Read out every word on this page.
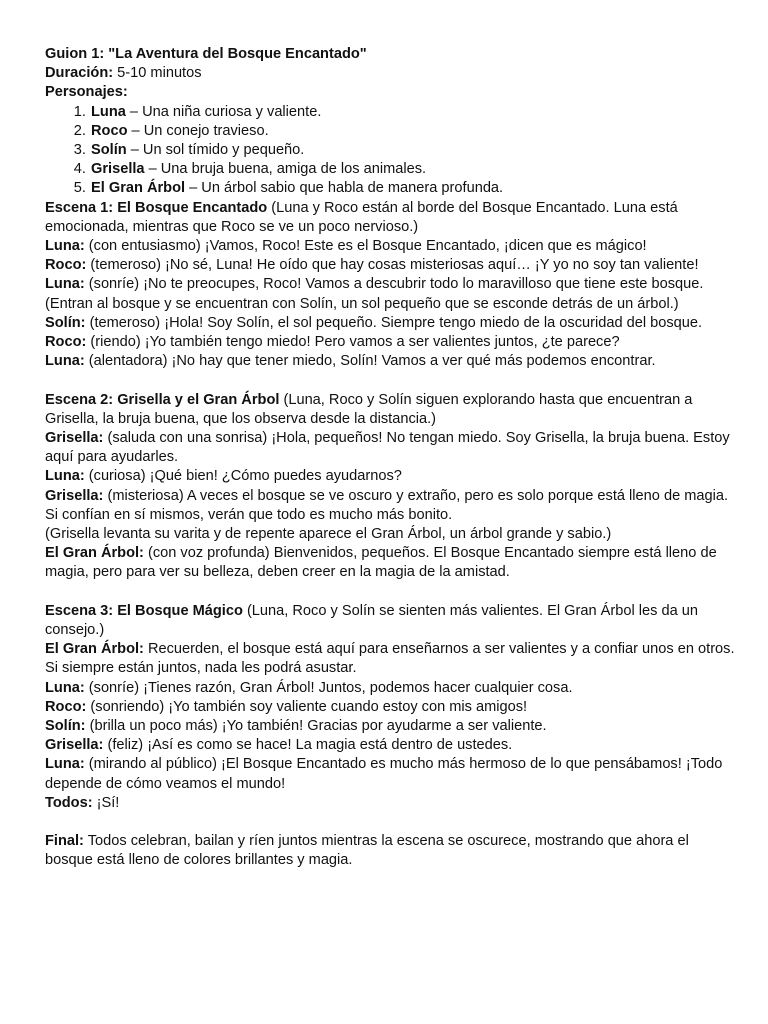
Guion 1: "La Aventura del Bosque Encantado"

Duración: 5-10 minutos

Personajes:

1. Luna – Una niña curiosa y valiente.
2. Roco – Un conejo travieso.
3. Solín – Un sol tímido y pequeño.
4. Grisella – Una bruja buena, amiga de los animales.
5. El Gran Árbol – Un árbol sabio que habla de manera profunda.

Escena 1: El Bosque Encantado (Luna y Roco están al borde del Bosque Encantado. Luna está emocionada, mientras que Roco se ve un poco nervioso.)

Luna: (con entusiasmo) ¡Vamos, Roco! Este es el Bosque Encantado, ¡dicen que es mágico!

Roco: (temeroso) ¡No sé, Luna! He oído que hay cosas misteriosas aquí… ¡Y yo no soy tan valiente!

Luna: (sonríe) ¡No te preocupes, Roco! Vamos a descubrir todo lo maravilloso que tiene este bosque.

(Entran al bosque y se encuentran con Solín, un sol pequeño que se esconde detrás de un árbol.)

Solín: (temeroso) ¡Hola! Soy Solín, el sol pequeño. Siempre tengo miedo de la oscuridad del bosque.

Roco: (riendo) ¡Yo también tengo miedo! Pero vamos a ser valientes juntos, ¿te parece?

Luna: (alentadora) ¡No hay que tener miedo, Solín! Vamos a ver qué más podemos encontrar.

Escena 2: Grisella y el Gran Árbol (Luna, Roco y Solín siguen explorando hasta que encuentran a Grisella, la bruja buena, que los observa desde la distancia.)

Grisella: (saluda con una sonrisa) ¡Hola, pequeños! No tengan miedo. Soy Grisella, la bruja buena. Estoy aquí para ayudarles.

Luna: (curiosa) ¡Qué bien! ¿Cómo puedes ayudarnos?

Grisella: (misteriosa) A veces el bosque se ve oscuro y extraño, pero es solo porque está lleno de magia. Si confían en sí mismos, verán que todo es mucho más bonito.

(Grisella levanta su varita y de repente aparece el Gran Árbol, un árbol grande y sabio.)

El Gran Árbol: (con voz profunda) Bienvenidos, pequeños. El Bosque Encantado siempre está lleno de magia, pero para ver su belleza, deben creer en la magia de la amistad.

Escena 3: El Bosque Mágico (Luna, Roco y Solín se sienten más valientes. El Gran Árbol les da un consejo.)

El Gran Árbol: Recuerden, el bosque está aquí para enseñarnos a ser valientes y a confiar unos en otros. Si siempre están juntos, nada les podrá asustar.

Luna: (sonríe) ¡Tienes razón, Gran Árbol! Juntos, podemos hacer cualquier cosa.

Roco: (sonriendo) ¡Yo también soy valiente cuando estoy con mis amigos!

Solín: (brilla un poco más) ¡Yo también! Gracias por ayudarme a ser valiente.

Grisella: (feliz) ¡Así es como se hace! La magia está dentro de ustedes.

Luna: (mirando al público) ¡El Bosque Encantado es mucho más hermoso de lo que pensábamos! ¡Todo depende de cómo veamos el mundo!

Todos: ¡Sí!

Final: Todos celebran, bailan y ríen juntos mientras la escena se oscurece, mostrando que ahora el bosque está lleno de colores brillantes y magia.
